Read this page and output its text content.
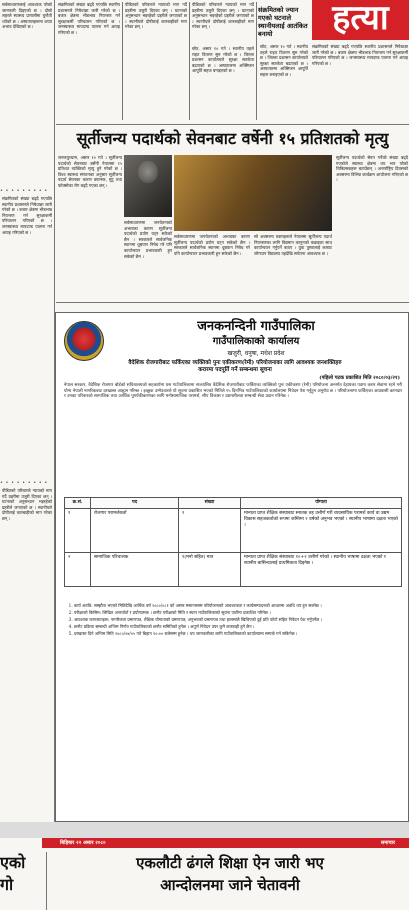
सर्वसाधारणलाई आवश्यक परेको जानकारी दिइएको छ । दोस्रो लहरले स्वास्थ्य प्रणालीमा चुनौती थपेको छ । अस्पतालहरूमा शय्या अभाव देखिएको छ ।
• • • • • • • • •
संक्रमितको संख्या बढ्दै गएपछि स्थानीय प्रशासनले निषेधाज्ञा जारी गरेको छ । बजार क्षेत्रमा भीडभाड नियन्त्रण गर्न सुरक्षाकर्मी परिचालन गरिएको छ । जनस्वास्थ्य मापदण्ड पालना गर्न आग्रह गरिएको छ ।
• • • • • • • • •
पीडितको परिवारले न्यायको माग गर्दै प्रहरीमा उजुरी दिएका छन् । घटनाको अनुसन्धान भइरहेको प्रहरीले जनाएको छ । स्थानीयले दोषीलाई कारबाहीको माग गरेका छन् ।
संक्रमितको संख्या बढ्दै गएपछि स्थानीय प्रशासनले निषेधाज्ञा जारी गरेको छ । बजार क्षेत्रमा भीडभाड नियन्त्रण गर्न सुरक्षाकर्मी परिचालन गरिएको छ । जनस्वास्थ्य मापदण्ड पालना गर्न आग्रह गरिएको छ ।
पीडितको परिवारले न्यायको माग गर्दै प्रहरीमा उजुरी दिएका छन् । घटनाको अनुसन्धान भइरहेको प्रहरीले जनाएको छ । स्थानीयले दोषीलाई कारबाहीको माग गरेका छन् ।
स्रोत, असार १० गते । स्थानीय तहले राहत वितरण सुरु गरेको छ । जिल्ला प्रशासन कार्यालयले सुरक्षा सतर्कता बढाएको छ । अस्पतालमा अक्सिजन आपूर्ति सहज बनाइएको छ ।
पीडितको परिवारले न्यायको माग गर्दै प्रहरीमा उजुरी दिएका छन् । घटनाको अनुसन्धान भइरहेको प्रहरीले जनाएको छ । स्थानीयले दोषीलाई कारबाहीको माग गरेका छन् ।
संक्रमितको ज्यान गएको घटनाले स्थानीयलाई आतंकित बनायो	हत्या
स्रोत, असार १० गते । स्थानीय तहले राहत वितरण सुरु गरेको छ । जिल्ला प्रशासन कार्यालयले सुरक्षा सतर्कता बढाएको छ । अस्पतालमा अक्सिजन आपूर्ति सहज बनाइएको छ ।
संक्रमितको संख्या बढ्दै गएपछि स्थानीय प्रशासनले निषेधाज्ञा जारी गरेको छ । बजार क्षेत्रमा भीडभाड नियन्त्रण गर्न सुरक्षाकर्मी परिचालन गरिएको छ । जनस्वास्थ्य मापदण्ड पालना गर्न आग्रह गरिएको छ ।
सूर्तीजन्य पदार्थको सेवनबाट वर्षेनी १५ प्रतिशतको मृत्यु
जनकपुरधाम, असार १० गते । सूर्तीजन्य पदार्थको सेवनबाट बर्सेनी नेपालमा १५ प्रतिशत व्यक्तिको मृत्यु हुने गरेको छ । विश्व स्वास्थ्य संगठनका अनुसार सूर्तीजन्य पदार्थ सेवनका कारण क्यान्सर, मुटु तथा फोक्सोका रोग बढ्दै गएका छन् ।
सर्वसाधारणमा जनचेतनाको अभावका कारण सूर्तीजन्य पदार्थको प्रयोग घट्न सकेको छैन । सरकारले सार्वजनिक स्थानमा धूम्रपान निषेध गरे पनि कार्यान्वयन प्रभावकारी हुन सकेको छैन ।
सर्वसाधारणमा जनचेतनाको अभावका कारण सूर्तीजन्य पदार्थको प्रयोग घट्न सकेको छैन । सरकारले सार्वजनिक स्थानमा धूम्रपान निषेध गरे पनि कार्यान्वयन प्रभावकारी हुन सकेको छैन ।
सो अवसरमा वक्ताहरूले नेपालमा सूर्तीजन्य पदार्थ नियन्त्रणका लागि विद्यमान कानुनको कडाइका साथ कार्यान्वयन गर्नुपर्ने बताए । युवा पुस्तालाई लत्बाट जोगाउन विद्यालय तहदेखि सचेतना आवश्यक छ ।
सूर्तीजन्य पदार्थको सेवन गर्नेको संख्या बढ्दै गएकोले स्वास्थ्य क्षेत्रमा थप भार परेको चिकित्सकहरू बताउँछन् । अन्तर्राष्ट्रिय दिवसको अवसरमा विभिन्न कार्यक्रम आयोजना गरिएको छ ।
जनकनन्दिनी गाउँपालिका
गाउँपालिकाको कार्यालय
खजुरी, धनुषा, मधेश प्रदेश
वैदेशिक रोजगारीबाट फर्किएका व्यक्तिको पुनः एकीकरण(रेमी) परियोजनाका लागि आवश्यक जनशक्तिहरु
करारमा पदपूर्ति गर्ने सम्बन्धमा सूचना
(पहिलो पटक प्रकाशित मिति २०८०/०३/२१)
नेपाल सरकार, वैदेशिक रोजगार बोर्डको सचिवालयको सहकार्यमा यस गाउँपालिकामा सञ्चालित वैदेशिक रोजगारीबाट फर्किएका व्यक्तिको पुनः एकीकरण (रेमी) परियोजना अन्तर्गत देहायका पदमा करार सेवामा रहने गरी योग्य नेपाली नागरिकबाट दरखास्त आह्वान गरिन्छ । इच्छुक उम्मेदवारले यो सूचना प्रकाशित भएको मितिले १५ दिनभित्र गाउँपालिकाको कार्यालयमा निवेदन पेश गर्नुहुन अनुरोध छ । परियोजनामा फर्किएका आप्रवासी कामदार र उनका परिवारको सामाजिक तथा आर्थिक पुनर्एकीकरणका लागि मनोसामाजिक परामर्श, सीप विकास र उद्यमशीलता सम्बन्धी सेवा प्रदान गरिनेछ ।
क्र.सं.	पद	संख्या	योग्यता
१	रोजगार परामर्शकर्ता	१	मान्यता प्राप्त शैक्षिक संस्थाबाट स्नातक तह उत्तीर्ण गरी व्यवसायिक परामर्श कार्य वा उद्यम विकास सहजकर्ताको रूपमा कम्तिमा २ वर्षको अनुभव भएको । स्थानीय भाषामा दक्षता भएको ।
२	सामाजिक परिचालक	१(मनो सहित) मात्र	मान्यता प्राप्त शैक्षिक संस्थाबाट १०+२ उत्तीर्ण गरेको । स्थानीय भाषामा दक्षता भएको र स्थानीय बासिन्दालाई प्राथमिकता दिइनेछ ।
1. कार्य अवधि: सम्झौता भएको मितिदेखि आर्थिक वर्ष २०८०/०८१ को असार मसान्तसम्म परियोजनाको आवश्यकता र कार्यसम्पादनको आधारमा अवधि थप हुन सक्नेछ ।
2. परीक्षाको किसिम: लिखित अन्तर्वार्ता र प्रयोगात्मक । छनौट परीक्षाको मिति र स्थान गाउँपालिकाको सूचना पाटीमा प्रकाशित गरिनेछ ।
3. आवश्यक कागजातहरू: नागरिकता प्रमाणपत्र, शैक्षिक योग्यताको प्रमाणपत्र, अनुभवको प्रमाणपत्र तथा हालसालै खिचिएको दुई प्रति फोटो सहित निवेदन पेश गर्नुपर्नेछ ।
4. छनौट प्रक्रिया सम्बन्धी अन्तिम निर्णय गाउँपालिकाको छनौट समितिको हुनेछ । अपूर्ण निवेदन उपर कुनै कारबाही हुने छैन ।
5. दरखास्त दिने अन्तिम मिति २०८०/०४/०५ गते बिहान १०:०० बजेसम्म हुनेछ । थप जानकारीका लागि गाउँपालिकाको कार्यालयमा सम्पर्क गर्न सकिनेछ ।
बिहिबार २२ असार २०८०	समाचार
एको
गो
एकलौटी ढंगले शिक्षा ऐन जारी भए
आन्दोलनमा जाने चेतावनी
